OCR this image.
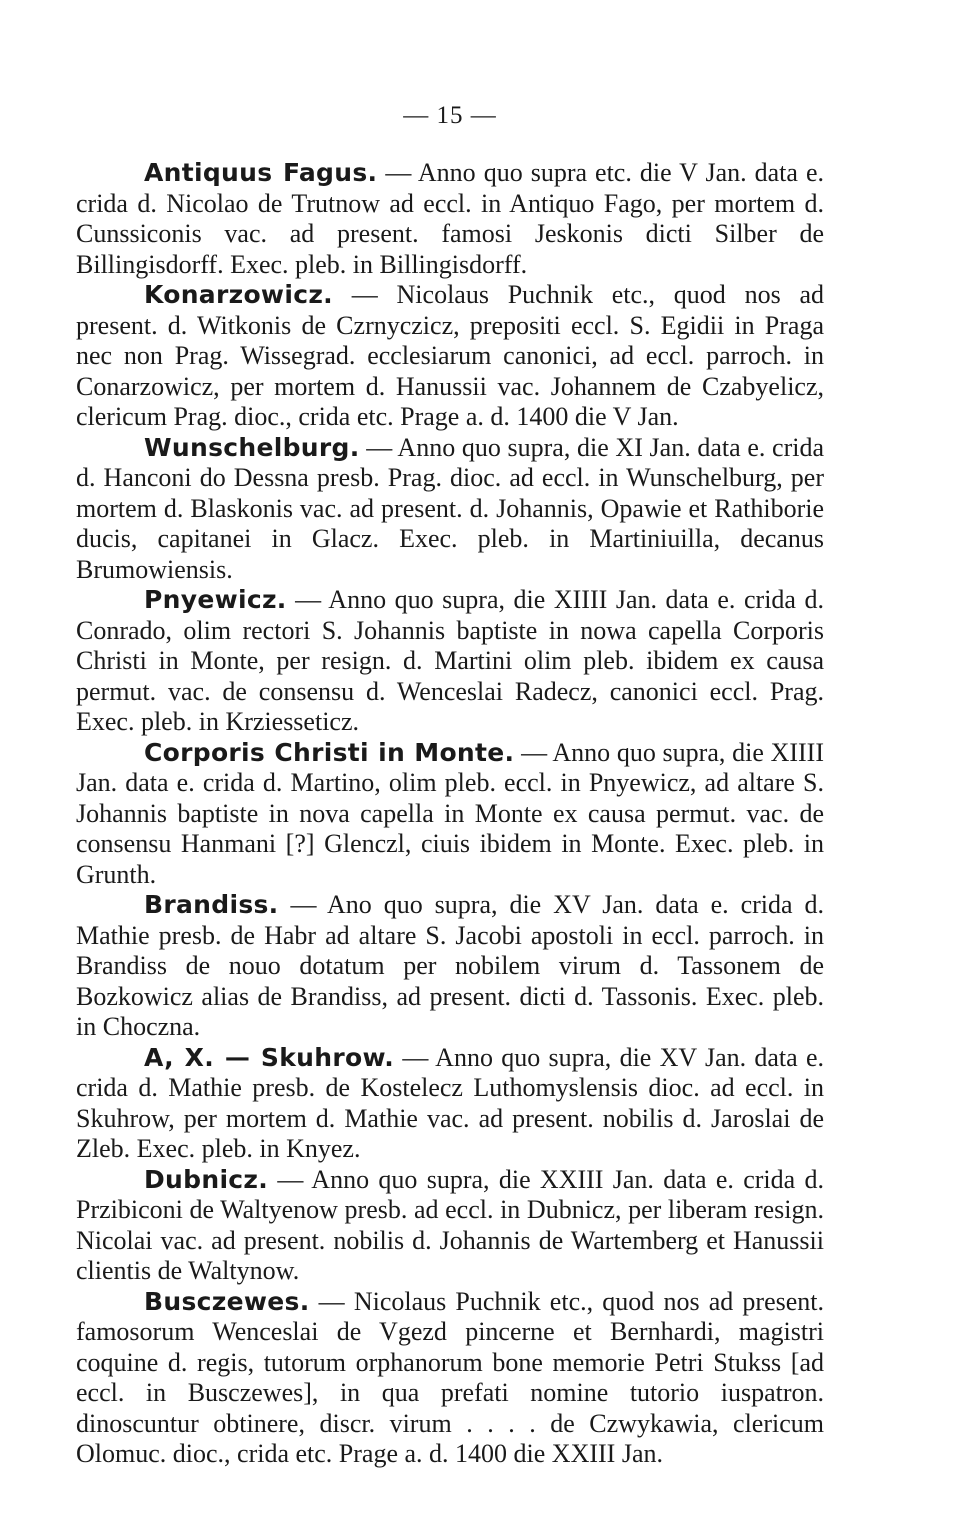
— 15 —

Antiquus Fagus. — Anno quo supra etc. die V Jan. data e. crida d. Nicolao de Trutnow ad eccl. in Antiquo Fago, per mortem d. Cunssiconis vac. ad present. famosi Jeskonis dicti Silber de Billingisdorff. Exec. pleb. in Billingisdorff.

Konarzowicz. — Nicolaus Puchnik etc., quod nos ad present. d. Witkonis de Czrnyczicz, prepositi eccl. S. Egidii in Praga nec non Prag. Wissegrad. ecclesiarum canonici, ad eccl. parroch. in Conarzowicz, per mortem d. Hanussii vac. Johannem de Czabyelicz, clericum Prag. dioc., crida etc. Prage a. d. 1400 die V Jan.

Wunschelburg. — Anno quo supra, die XI Jan. data e. crida d. Hanconi do Dessna presb. Prag. dioc. ad eccl. in Wunschelburg, per mortem d. Blaskonis vac. ad present. d. Johannis, Opawie et Rathiborie ducis, capitanei in Glacz. Exec. pleb. in Martiniuilla, decanus Brumowiensis.

Pnyewicz. — Anno quo supra, die XIIII Jan. data e. crida d. Conrado, olim rectori S. Johannis baptiste in nowa capella Corporis Christi in Monte, per resign. d. Martini olim pleb. ibidem ex causa permut. vac. de consensu d. Wenceslai Radecz, canonici eccl. Prag. Exec. pleb. in Krziesseticz.

Corporis Christi in Monte. — Anno quo supra, die XIIII Jan. data e. crida d. Martino, olim pleb. eccl. in Pnyewicz, ad altare S. Johannis baptiste in nova capella in Monte ex causa permut. vac. de consensu Hanmani [?] Glenczl, ciuis ibidem in Monte. Exec. pleb. in Grunth.

Brandiss. — Ano quo supra, die XV Jan. data e. crida d. Mathie presb. de Habr ad altare S. Jacobi apostoli in eccl. parroch. in Brandiss de nouo dotatum per nobilem virum d. Tassonem de Bozkowicz alias de Brandiss, ad present. dicti d. Tassonis. Exec. pleb. in Choczna.

A, X. — Skuhrow. — Anno quo supra, die XV Jan. data e. crida d. Mathie presb. de Kostelecz Luthomyslensis dioc. ad eccl. in Skuhrow, per mortem d. Mathie vac. ad present. nobilis d. Jaroslai de Zleb. Exec. pleb. in Knyez.

Dubnicz. — Anno quo supra, die XXIII Jan. data e. crida d. Przibiconi de Waltyenow presb. ad eccl. in Dubnicz, per liberam resign. Nicolai vac. ad present. nobilis d. Johannis de Wartemberg et Hanussii clientis de Waltynow.

Busczewes. — Nicolaus Puchnik etc., quod nos ad present. famosorum Wenceslai de Vgezd pincerne et Bernhardi, magistri coquine d. regis, tutorum orphanorum bone memorie Petri Stukss [ad eccl. in Busczewes], in qua prefati nomine tutorio iuspatron. dinoscuntur obtinere, discr. virum . . . . de Czwykawia, clericum Olomuc. dioc., crida etc. Prage a. d. 1400 die XXIII Jan.
